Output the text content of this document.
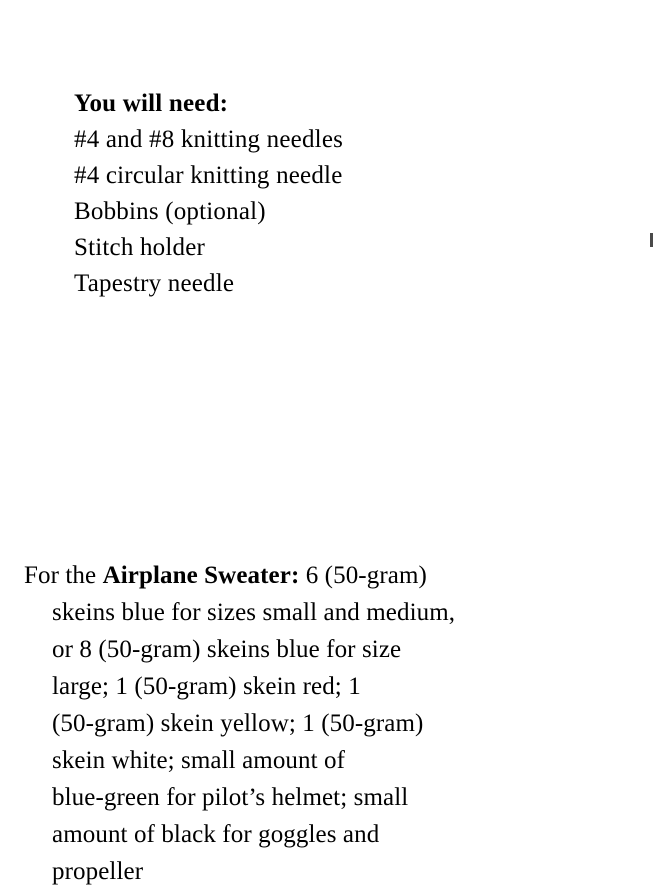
You will need:
#4 and #8 knitting needles
#4 circular knitting needle
Bobbins (optional)
Stitch holder
Tapestry needle
For the Airplane Sweater: 6 (50-gram)
skeins blue for sizes small and medium,
or 8 (50-gram) skeins blue for size
large; 1 (50-gram) skein red; 1
(50-gram) skein yellow; 1 (50-gram)
skein white; small amount of
blue-green for pilot’s helmet; small
amount of black for goggles and
propeller
